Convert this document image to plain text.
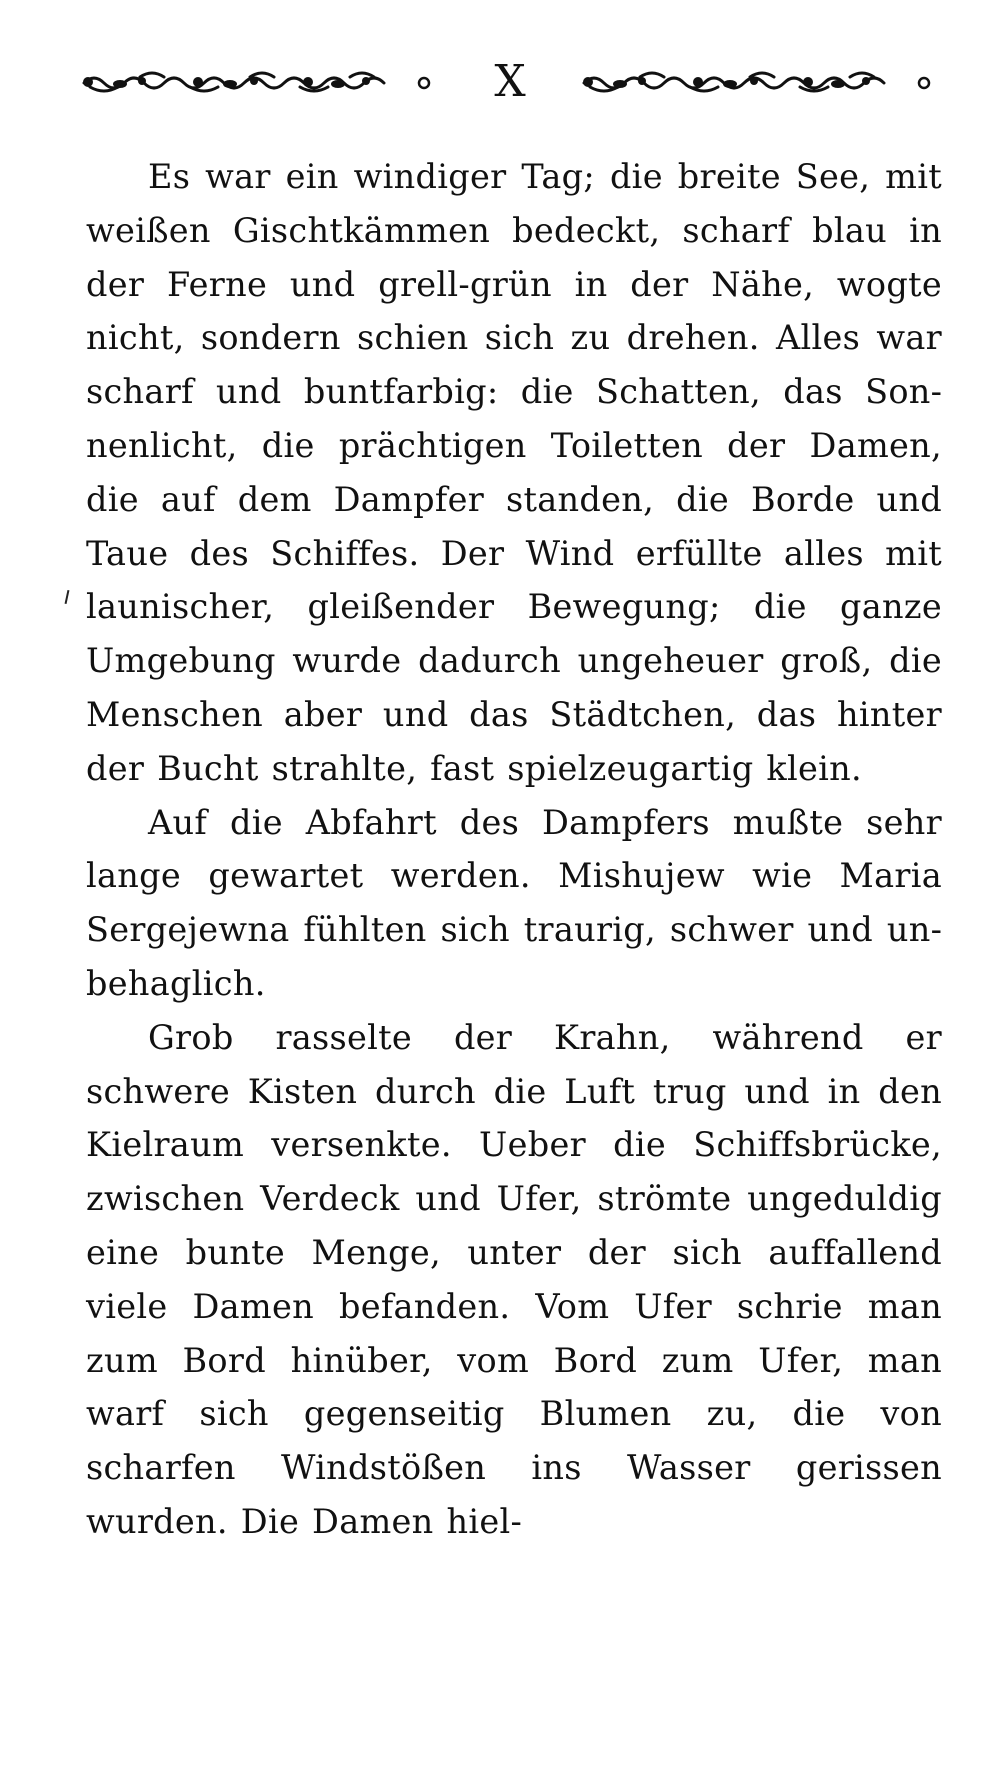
X

Es war ein windiger Tag; die breite See, mit weißen Gischtkämmen bedeckt, scharf blau in der Ferne und grell-grün in der Nähe, wogte nicht, sondern schien sich zu drehen. Alles war scharf und buntfarbig: die Schatten, das Sonnenlicht, die prächtigen Toiletten der Damen, die auf dem Dampfer standen, die Borde und Taue des Schiffes. Der Wind erfüllte alles mit launischer, gleißender Bewegung; die ganze Umgebung wurde dadurch ungeheuer groß, die Menschen aber und das Städtchen, das hinter der Bucht strahlte, fast spielzeugartig klein.

Auf die Abfahrt des Dampfers mußte sehr lange gewartet werden. Mishujew wie Maria Sergejewna fühlten sich traurig, schwer und unbehaglich.

Grob rasselte der Krahn, während er schwere Kisten durch die Luft trug und in den Kielraum versenkte. Ueber die Schiffsbrücke, zwischen Verdeck und Ufer, strömte ungeduldig eine bunte Menge, unter der sich auffallend viele Damen befanden. Vom Ufer schrie man zum Bord hinüber, vom Bord zum Ufer, man warf sich gegenseitig Blumen zu, die von scharfen Windstößen ins Wasser gerissen wurden. Die Damen hiel-
